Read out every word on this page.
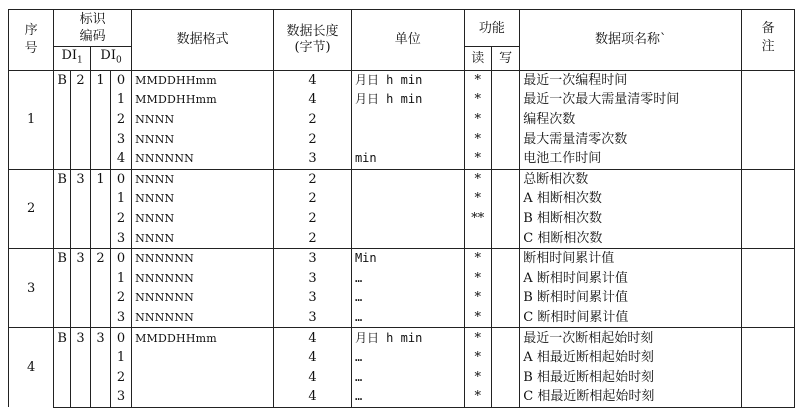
序号	标识编码				数据格式	数据长度(字节)	单位	功能		数据项名称`	备注
	$DI_1$		$DI_0$					读	写		
1	B	2	1	0	MMDDHHmm	4	月日 h min	*		最近一次编程时间	
				1	MMDDHHmm	4	月日 h min	*		最近一次最大需量清零时间	
				2	NNNN	2		*		编程次数	
				3	NNNN	2		*		最大需量清零次数	
				4	NNNNNN	3	min	*		电池工作时间	
2	B	3	1	0	NNNN	2		*		总断相次数	
				1	NNNN	2		*		A 相断相次数	
				2	NNNN	2		**		B 相断相次数	
				3	NNNN	2				C 相断相次数	
3	B	3	2	0	NNNNNN	3	Min	*		断相时间累计值	
				1	NNNNNN	3	…	*		A 断相时间累计值	
				2	NNNNNN	3	…	*		B 断相时间累计值	
				3	NNNNNN	3	…	*		C 断相时间累计值	
4	B	3	3	0	MMDDHHmm	4	月日 h min	*		最近一次断相起始时刻	
				1		4	…	*		A 相最近断相起始时刻	
				2		4	…	*		B 相最近断相起始时刻	
				3		4	…	*		C 相最近断相起始时刻	
